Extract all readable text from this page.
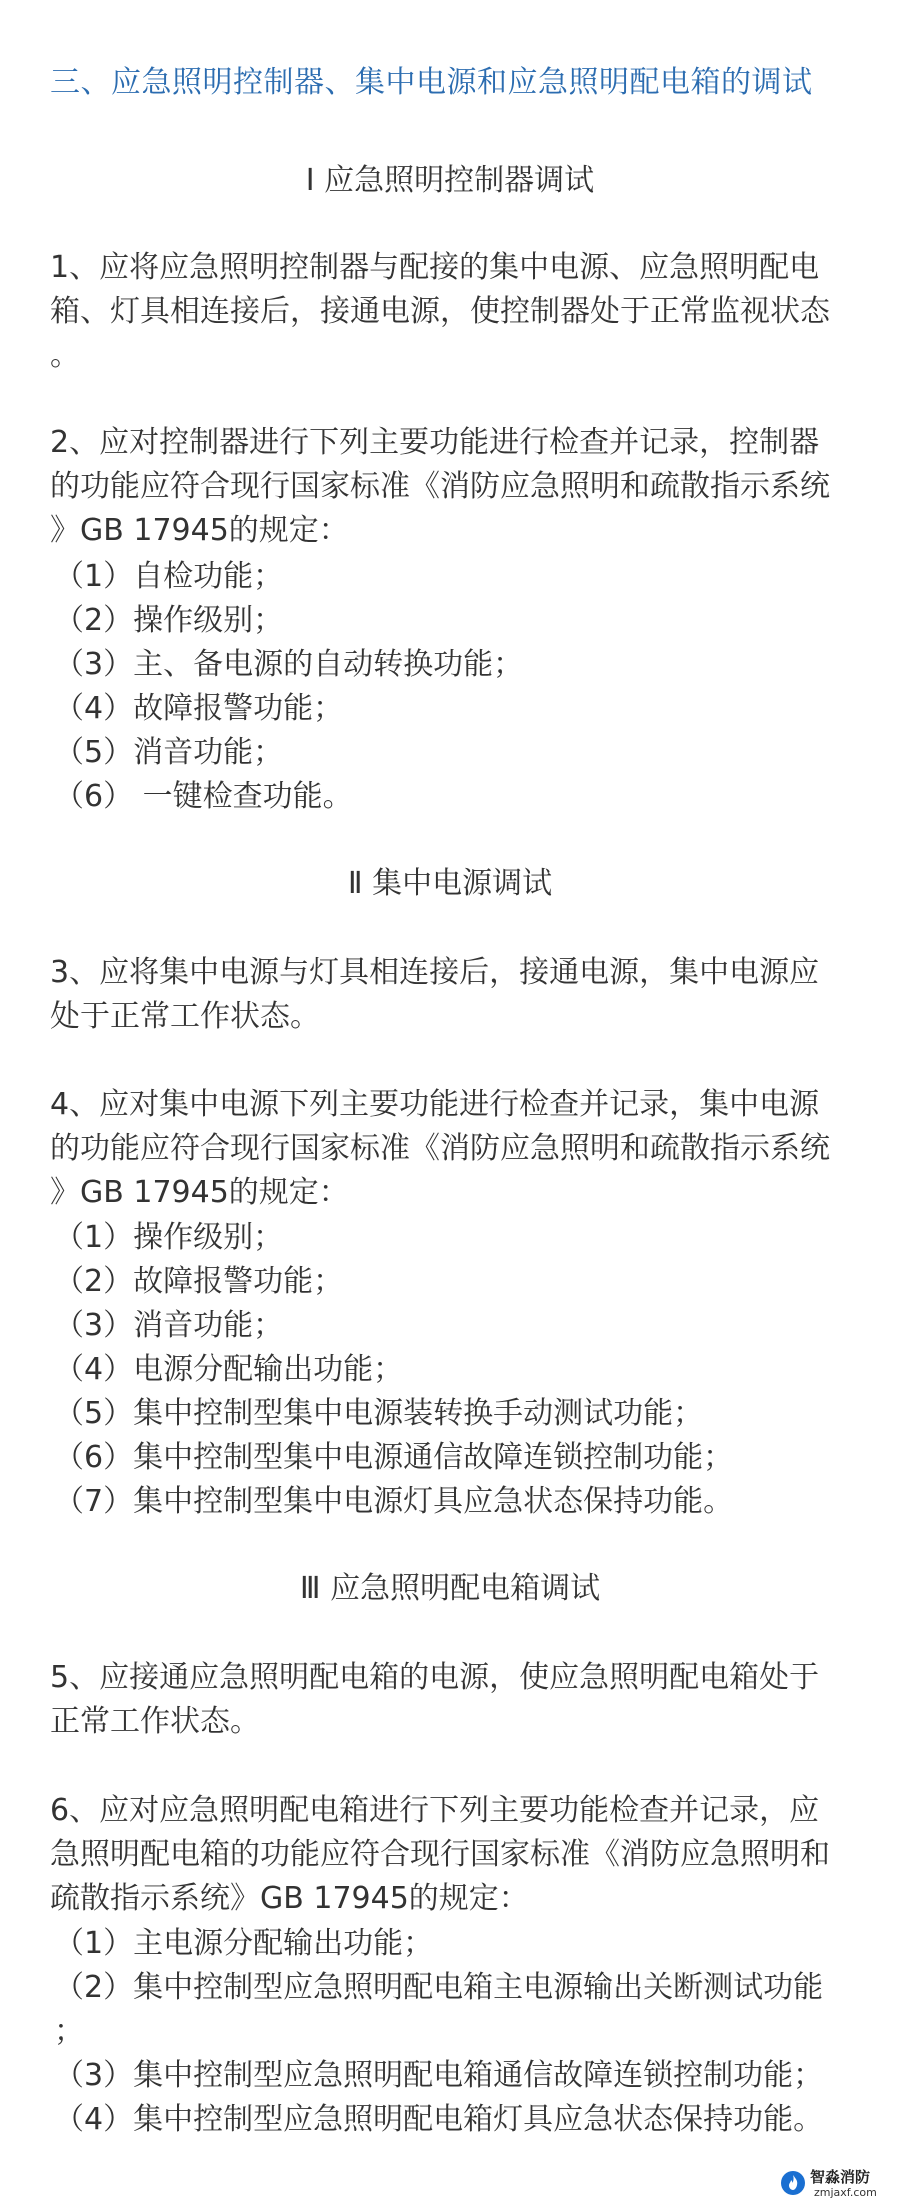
三、应急照明控制器、集中电源和应急照明配电箱的调试
Ⅰ 应急照明控制器调试
1、应将应急照明控制器与配接的集中电源、应急照明配电
箱、灯具相连接后，接通电源，使控制器处于正常监视状态
。
2、应对控制器进行下列主要功能进行检查并记录，控制器
的功能应符合现行国家标准《消防应急照明和疏散指示系统
》GB 17945的规定：
（1）自检功能；
（2）操作级别；
（3）主、备电源的自动转换功能；
（4）故障报警功能；
（5）消音功能；
（6） 一键检查功能。
Ⅱ 集中电源调试
3、应将集中电源与灯具相连接后，接通电源，集中电源应
处于正常工作状态。
4、应对集中电源下列主要功能进行检查并记录，集中电源
的功能应符合现行国家标准《消防应急照明和疏散指示系统
》GB 17945的规定：
（1）操作级别；
（2）故障报警功能；
（3）消音功能；
（4）电源分配输出功能；
（5）集中控制型集中电源装转换手动测试功能；
（6）集中控制型集中电源通信故障连锁控制功能；
（7）集中控制型集中电源灯具应急状态保持功能。
Ⅲ 应急照明配电箱调试
5、应接通应急照明配电箱的电源，使应急照明配电箱处于
正常工作状态。
6、应对应急照明配电箱进行下列主要功能检查并记录，应
急照明配电箱的功能应符合现行国家标准《消防应急照明和
疏散指示系统》GB 17945的规定：
（1）主电源分配输出功能；
（2）集中控制型应急照明配电箱主电源输出关断测试功能
；
（3）集中控制型应急照明配电箱通信故障连锁控制功能；
（4）集中控制型应急照明配电箱灯具应急状态保持功能。
智淼消防
zmjaxf.com
